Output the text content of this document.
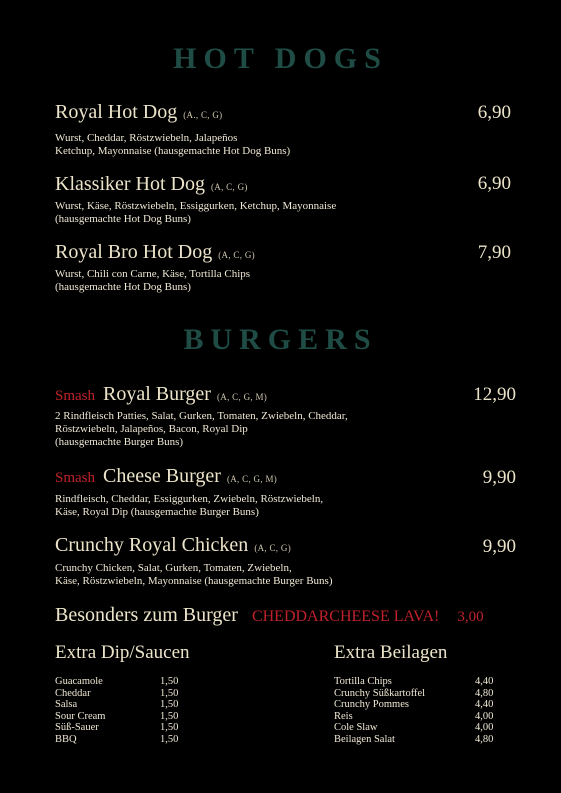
HOT DOGS
Royal Hot Dog (A., C, G)	6,90
Wurst, Cheddar, Röstzwiebeln, Jalapeños
Ketchup, Mayonnaise (hausgemachte Hot Dog Buns)
Klassiker Hot Dog (A, C, G)	6,90
Wurst, Käse, Röstzwiebeln, Essiggurken, Ketchup, Mayonnaise
(hausgemachte Hot Dog Buns)
Royal Bro Hot Dog (A, C, G)	7,90
Wurst, Chili con Carne, Käse, Tortilla Chips
(hausgemachte Hot Dog Buns)
BURGERS
Smash Royal Burger (A, C, G, M)	12,90
2 Rindfleisch Patties, Salat, Gurken, Tomaten, Zwiebeln, Cheddar,
Röstzwiebeln, Jalapeños, Bacon, Royal Dip
(hausgemachte Burger Buns)
Smash Cheese Burger (A, C, G, M)	9,90
Rindfleisch, Cheddar, Essiggurken, Zwiebeln, Röstzwiebeln,
Käse, Royal Dip (hausgemachte Burger Buns)
Crunchy Royal Chicken (A, C, G)	9,90
Crunchy Chicken, Salat, Gurken, Tomaten, Zwiebeln,
Käse, Röstzwiebeln, Mayonnaise (hausgemachte Burger Buns)
Besonders zum Burger CHEDDARCHEESE LAVA! 3,00
Extra Dip/Saucen
Guacamole	1,50
Cheddar	1,50
Salsa	1,50
Sour Cream	1,50
Süß-Sauer	1,50
BBQ	1,50
Extra Beilagen
Tortilla Chips	4,40
Crunchy Süßkartoffel	4,80
Crunchy Pommes	4,40
Reis	4,00
Cole Slaw	4,00
Beilagen Salat	4,80
